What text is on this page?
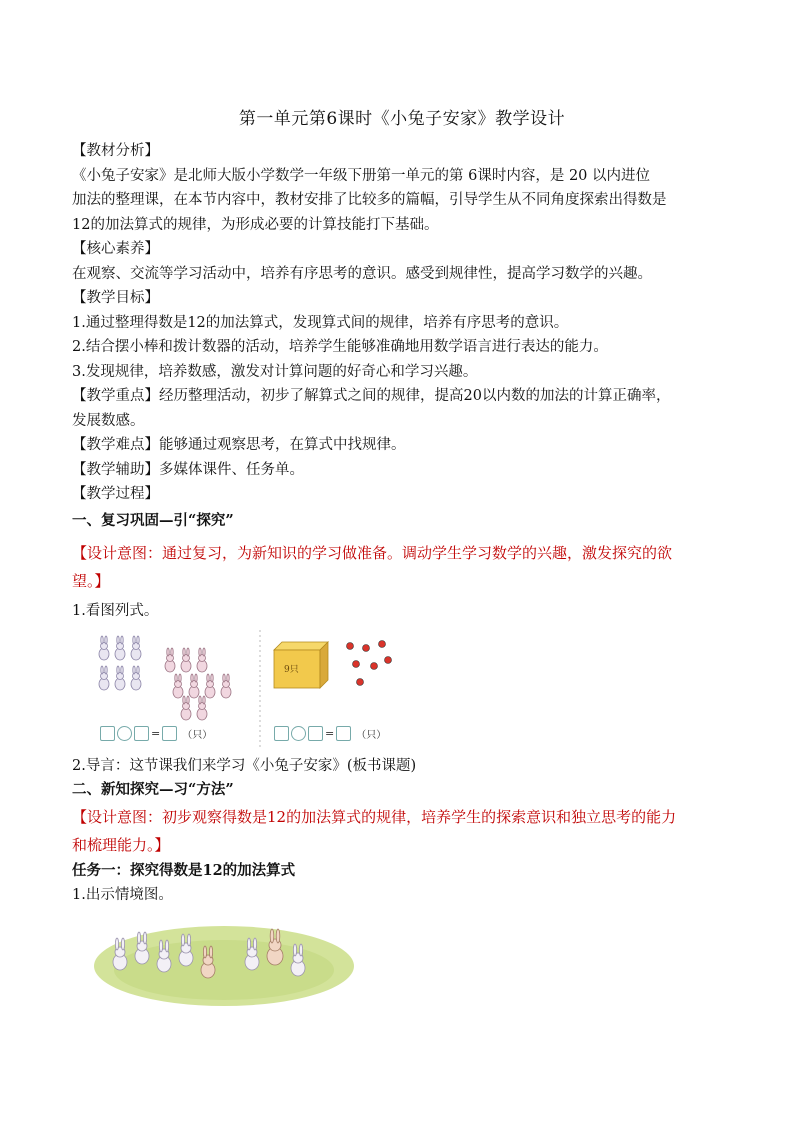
第一单元第6课时《小兔子安家》教学设计

【教材分析】

《小兔子安家》是北师大版小学数学一年级下册第一单元的第 6课时内容，是 20 以内进位

加法的整理课，在本节内容中，教材安排了比较多的篇幅，引导学生从不同角度探索出得数是

12的加法算式的规律，为形成必要的计算技能打下基础。

【核心素养】

在观察、交流等学习活动中，培养有序思考的意识。感受到规律性，提高学习数学的兴趣。

【教学目标】

1.通过整理得数是12的加法算式，发现算式间的规律，培养有序思考的意识。

2.结合摆小棒和拨计数器的活动，培养学生能够准确地用数学语言进行表达的能力。

3.发现规律，培养数感，激发对计算问题的好奇心和学习兴趣。

【教学重点】经历整理活动，初步了解算式之间的规律，提高20以内数的加法的计算正确率，

发展数感。

【教学难点】能够通过观察思考，在算式中找规律。

【教学辅助】多媒体课件、任务单。

【教学过程】

一、复习巩固—引“探究”

【设计意图：通过复习，为新知识的学习做准备。调动学生学习数学的兴趣，激发探究的欲

望。】

1.看图列式。

9只
= （只）	= （只）

2.导言：这节课我们来学习《小兔子安家》(板书课题)

二、新知探究—习“方法”

【设计意图：初步观察得数是12的加法算式的规律，培养学生的探索意识和独立思考的能力

和梳理能力。】

任务一：探究得数是12的加法算式

1.出示情境图。
